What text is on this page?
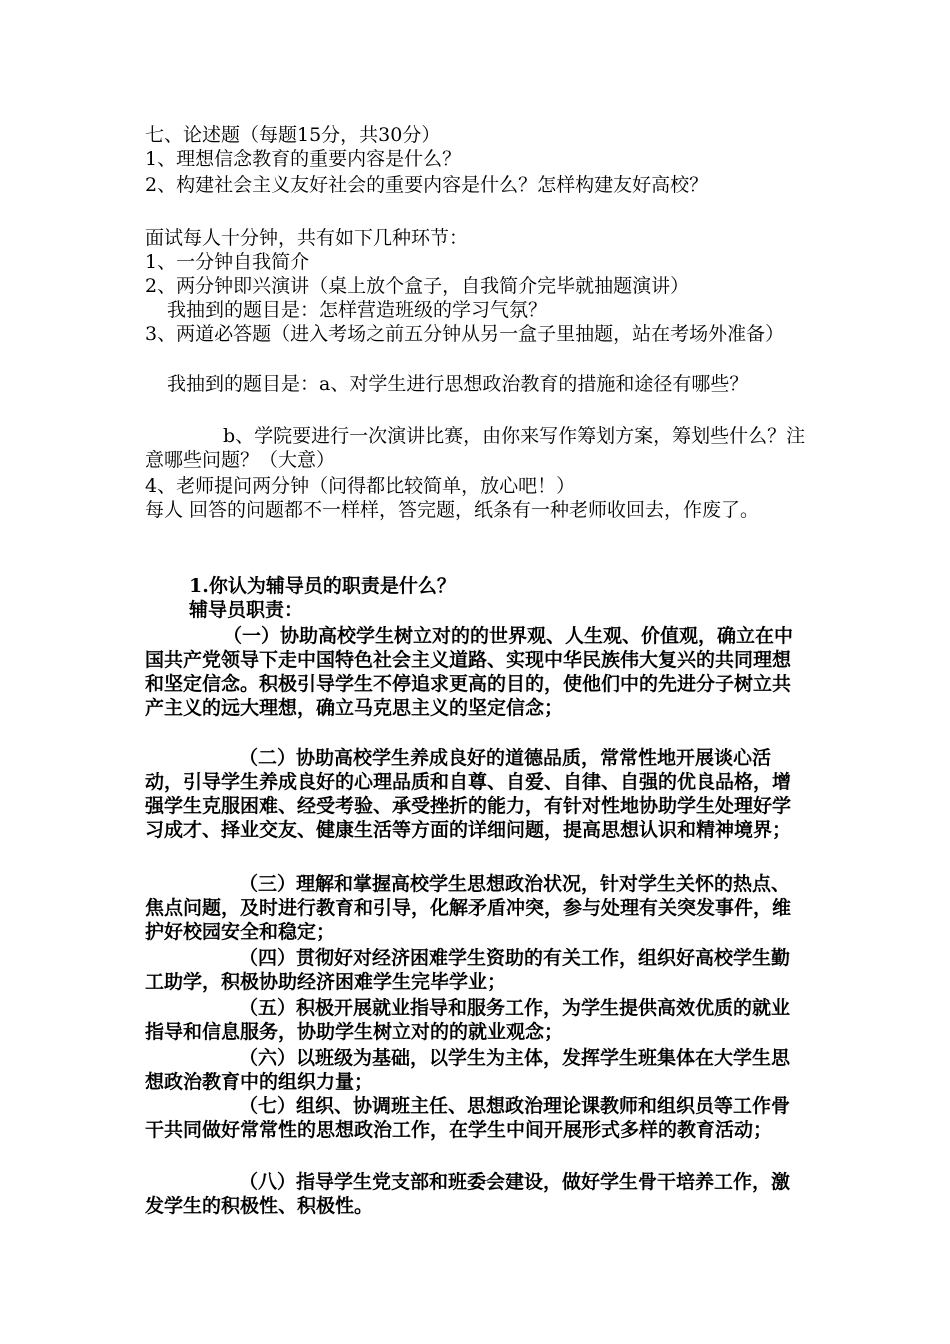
七、论述题（每题15分，共30分）

1、理想信念教育的重要内容是什么？

2、构建社会主义友好社会的重要内容是什么？怎样构建友好高校？

面试每人十分钟，共有如下几种环节：

1、一分钟自我简介

2、两分钟即兴演讲（桌上放个盒子，自我简介完毕就抽题演讲）

我抽到的题目是：怎样营造班级的学习气氛？

3、两道必答题（进入考场之前五分钟从另一盒子里抽题，站在考场外准备）

我抽到的题目是：a、对学生进行思想政治教育的措施和途径有哪些？

b、学院要进行一次演讲比赛，由你来写作筹划方案，筹划些什么？注意哪些问题？（大意）

4、老师提问两分钟（问得都比较简单，放心吧！）

每人 回答的问题都不一样样，答完题，纸条有一种老师收回去，作废了。

1.你认为辅导员的职责是什么？

辅导员职责：

（一）协助高校学生树立对的的世界观、人生观、价值观，确立在中国共产党领导下走中国特色社会主义道路、实现中华民族伟大复兴的共同理想和坚定信念。积极引导学生不停追求更高的目的，使他们中的先进分子树立共产主义的远大理想，确立马克思主义的坚定信念；

（二）协助高校学生养成良好的道德品质，常常性地开展谈心活动，引导学生养成良好的心理品质和自尊、自爱、自律、自强的优良品格，增强学生克服困难、经受考验、承受挫折的能力，有针对性地协助学生处理好学习成才、择业交友、健康生活等方面的详细问题，提高思想认识和精神境界；

（三）理解和掌握高校学生思想政治状况，针对学生关怀的热点、焦点问题，及时进行教育和引导，化解矛盾冲突，参与处理有关突发事件，维护好校园安全和稳定；

（四）贯彻好对经济困难学生资助的有关工作，组织好高校学生勤工助学，积极协助经济困难学生完毕学业；

（五）积极开展就业指导和服务工作，为学生提供高效优质的就业指导和信息服务，协助学生树立对的的就业观念；

（六）以班级为基础，以学生为主体，发挥学生班集体在大学生思想政治教育中的组织力量；

（七）组织、协调班主任、思想政治理论课教师和组织员等工作骨干共同做好常常性的思想政治工作，在学生中间开展形式多样的教育活动；

（八）指导学生党支部和班委会建设，做好学生骨干培养工作，激发学生的积极性、积极性。
